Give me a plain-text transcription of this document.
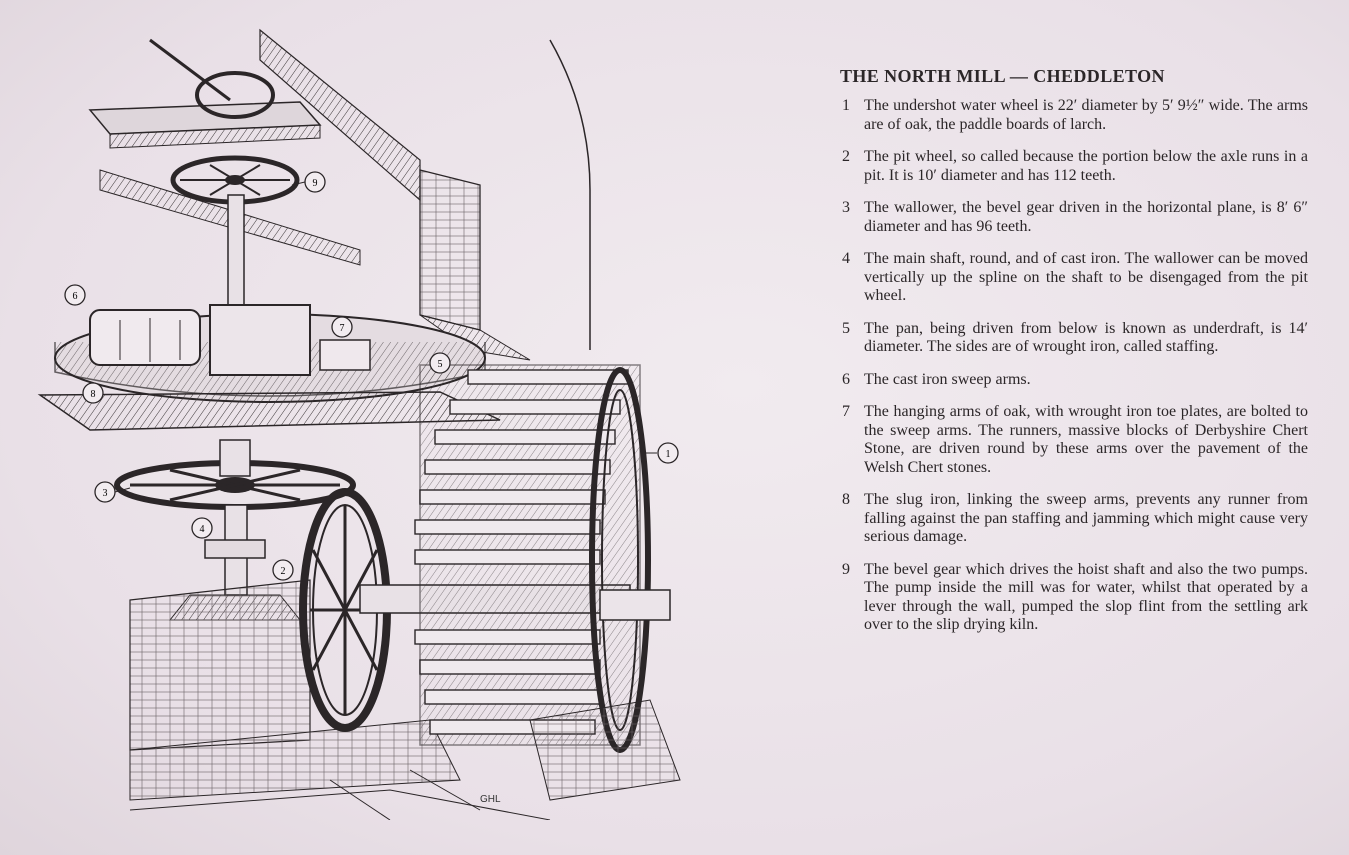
GHL
1
2
3
4
5
6
7
8
9
THE NORTH MILL — CHEDDLETON
1 The undershot water wheel is 22′ diameter by 5′ 9½″ wide. The arms are of oak, the paddle boards of larch.
2 The pit wheel, so called because the portion below the axle runs in a pit. It is 10′ diameter and has 112 teeth.
3 The wallower, the bevel gear driven in the horizontal plane, is 8′ 6″ diameter and has 96 teeth.
4 The main shaft, round, and of cast iron. The wallower can be moved vertically up the spline on the shaft to be disengaged from the pit wheel.
5 The pan, being driven from below is known as underdraft, is 14′ diameter. The sides are of wrought iron, called staffing.
6 The cast iron sweep arms.
7 The hanging arms of oak, with wrought iron toe plates, are bolted to the sweep arms. The runners, massive blocks of Derbyshire Chert Stone, are driven round by these arms over the pavement of the Welsh Chert stones.
8 The slug iron, linking the sweep arms, prevents any runner from falling against the pan staffing and jamming which might cause very serious damage.
9 The bevel gear which drives the hoist shaft and also the two pumps. The pump inside the mill was for water, whilst that operated by a lever through the wall, pumped the slop flint from the settling ark over to the slip drying kiln.
